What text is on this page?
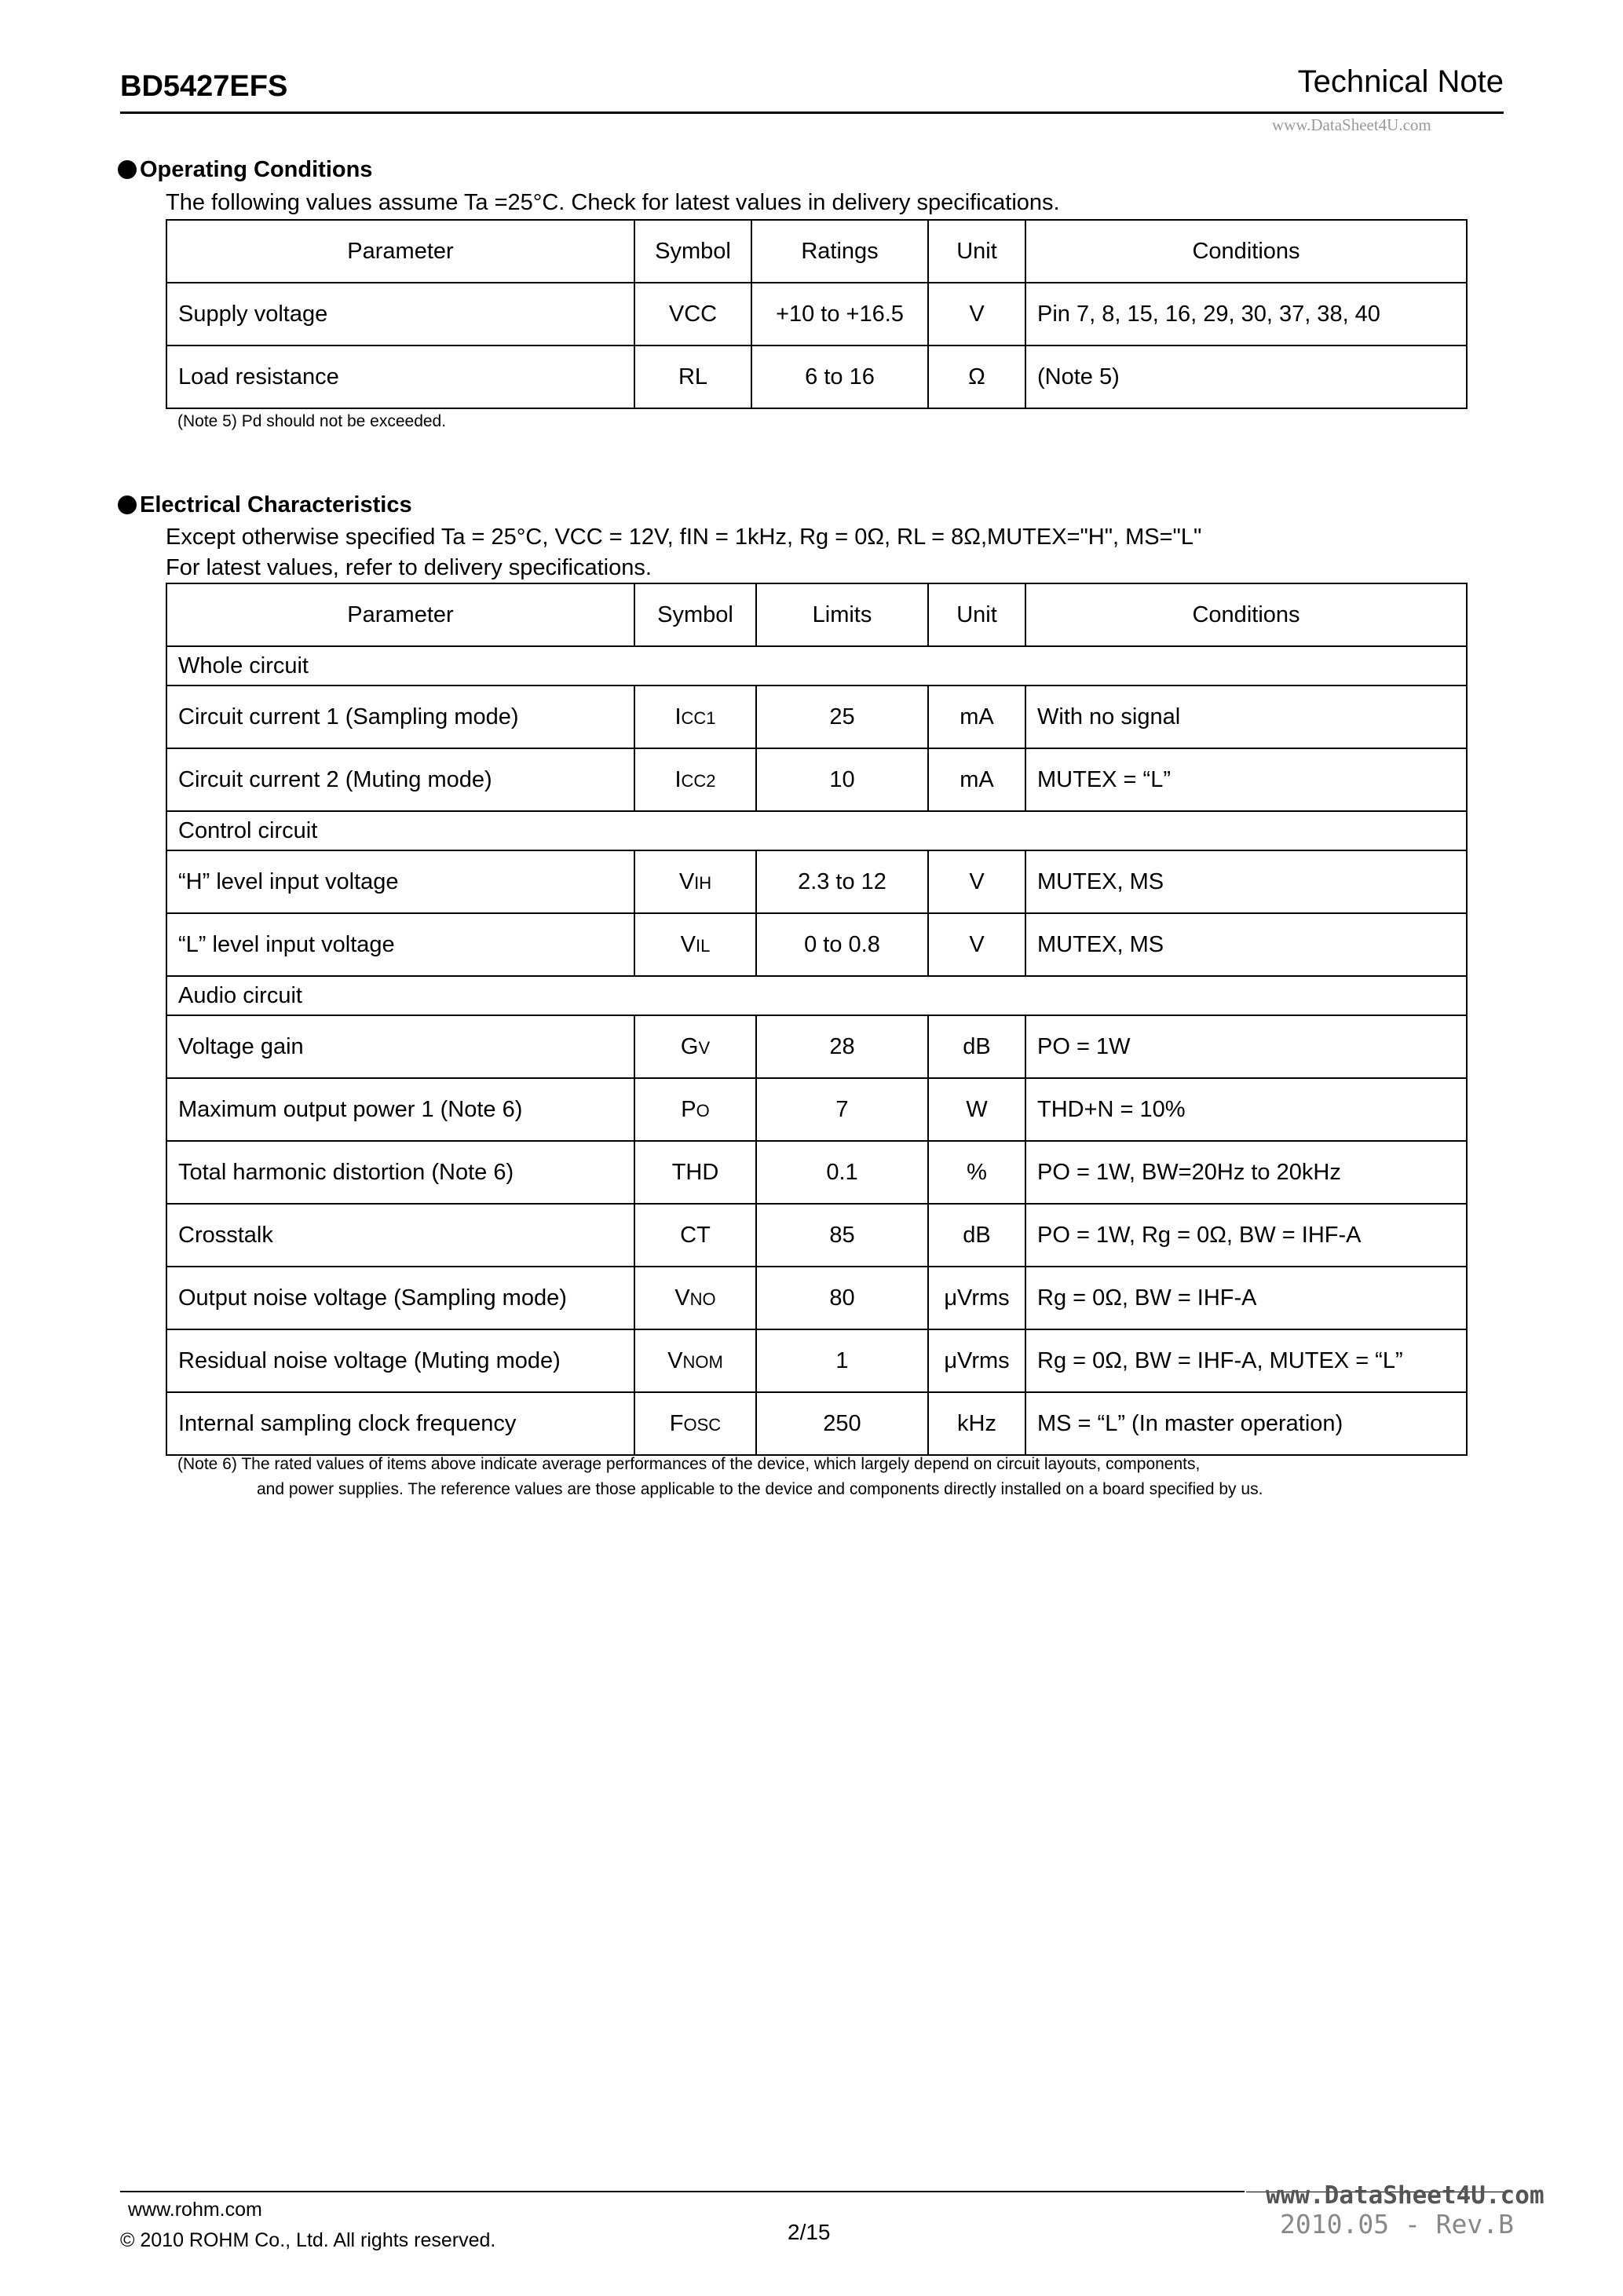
BD5427EFS	Technical Note
www.DataSheet4U.com
Operating Conditions
The following values assume Ta =25°C. Check for latest values in delivery specifications.
Parameter	Symbol	Ratings	Unit	Conditions
Supply voltage	VCC	+10 to +16.5	V	Pin 7, 8, 15, 16, 29, 30, 37, 38, 40
Load resistance	RL	6 to 16	Ω	(Note 5)
(Note 5) Pd should not be exceeded.
Electrical Characteristics
Except otherwise specified Ta = 25°C, VCC = 12V, fIN = 1kHz, Rg = 0Ω, RL = 8Ω,MUTEX="H", MS="L"
For latest values, refer to delivery specifications.
Parameter	Symbol	Limits	Unit	Conditions
Whole circuit				
Circuit current 1 (Sampling mode)	ICC1	25	mA	With no signal
Circuit current 2 (Muting mode)	ICC2	10	mA	MUTEX = “L”
Control circuit				
“H” level input voltage	VIH	2.3 to 12	V	MUTEX, MS
“L” level input voltage	VIL	0 to 0.8	V	MUTEX, MS
Audio circuit				
Voltage gain	GV	28	dB	PO = 1W
Maximum output power 1 (Note 6)	PO	7	W	THD+N = 10%
Total harmonic distortion (Note 6)	THD	0.1	%	PO = 1W, BW=20Hz to 20kHz
Crosstalk	CT	85	dB	PO = 1W, Rg = 0Ω, BW = IHF-A
Output noise voltage (Sampling mode)	VNO	80	μVrms	Rg = 0Ω, BW = IHF-A
Residual noise voltage (Muting mode)	VNOM	1	μVrms	Rg = 0Ω, BW = IHF-A, MUTEX = “L”
Internal sampling clock frequency	FOSC	250	kHz	MS = “L” (In master operation)
(Note 6) The rated values of items above indicate average performances of the device, which largely depend on circuit layouts, components,
and power supplies. The reference values are those applicable to the device and components directly installed on a board specified by us.
www.rohm.com
© 2010 ROHM Co., Ltd. All rights reserved.	2/15
www.DataSheet4U.com
2010.05 - Rev.B
